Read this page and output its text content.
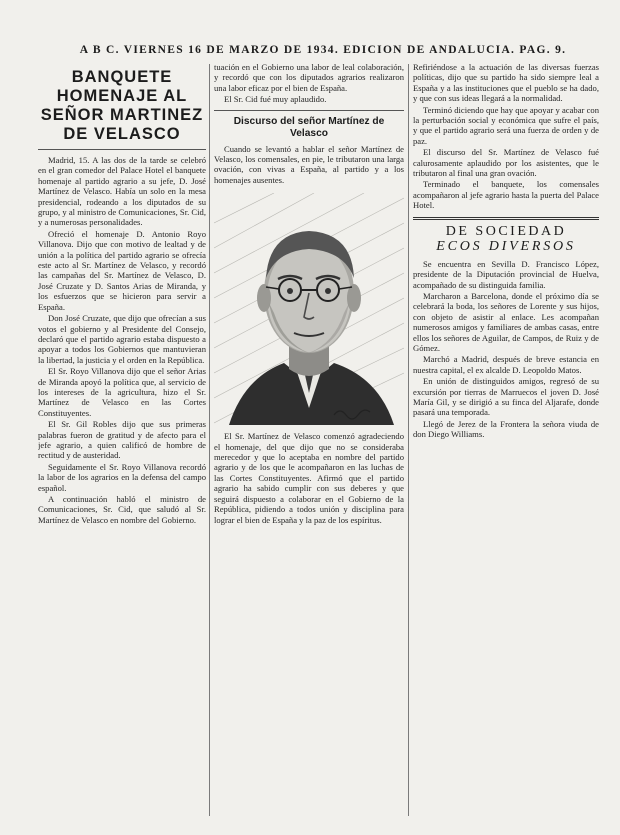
A B C. VIERNES 16 DE MARZO DE 1934. EDICION DE ANDALUCIA. PAG. 9.
BANQUETE HOMENAJE AL SEÑOR MARTINEZ DE VELASCO
Madrid, 15. A las dos de la tarde se celebró en el gran comedor del Palace Hotel el banquete homenaje al partido agrario a su jefe, D. José Martínez de Velasco. Había un solo en la mesa presidencial, rodeando a los diputados de su grupo, y al ministro de Comunicaciones, Sr. Cid, y a numerosas personalidades.
Ofreció el homenaje D. Antonio Royo Villanova. Dijo que con motivo de lealtad y de unión a la política del partido agrario se ofrecía este acto al Sr. Martínez de Velasco, y recordó las campañas del Sr. Martínez de Velasco, D. José Cruzate y D. Santos Arias de Miranda, y los esfuerzos que se hicieron para servir a España.
Don José Cruzate, que dijo que ofrecían a sus votos el gobierno y al Presidente del Consejo, declaró que el partido agrario estaba dispuesto a apoyar a todos los Gobiernos que mantuvieran la libertad, la justicia y el orden en la República.
El Sr. Royo Villanova dijo que el señor Arias de Miranda apoyó la política que, al servicio de los intereses de la agricultura, hizo el Sr. Martínez de Velasco en las Cortes Constituyentes.
El Sr. Gil Robles dijo que sus primeras palabras fueron de gratitud y de afecto para el jefe agrario, a quien calificó de hombre de rectitud y de austeridad.
Seguidamente el Sr. Royo Villanova recordó la labor de los agrarios en la defensa del campo español.
A continuación habló el ministro de Comunicaciones, Sr. Cid, que saludó al Sr. Martínez de Velasco en nombre del Gobierno.
tuación en el Gobierno una labor de leal colaboración, y recordó que con los diputados agrarios realizaron una labor eficaz por el bien de España.
El Sr. Cid fué muy aplaudido.
Discurso del señor Martínez de Velasco
Cuando se levantó a hablar el señor Martínez de Velasco, los comensales, en pie, le tributaron una larga ovación, con vivas a España, al partido y a los homenajes ausentes.
El Sr. Martínez de Velasco comenzó agradeciendo el homenaje, del que dijo que no se consideraba merecedor y que lo aceptaba en nombre del partido agrario y de los que le acompañaron en las luchas de las Cortes Constituyentes. Afirmó que el partido agrario ha sabido cumplir con sus deberes y que seguirá dispuesto a colaborar en el Gobierno de la República, pidiendo a todos unión y disciplina para lograr el bien de España y la paz de los espíritus.
Refiriéndose a la actuación de las diversas fuerzas políticas, dijo que su partido ha sido siempre leal a España y a las instituciones que el pueblo se ha dado, y que con sus ideas llegará a la normalidad.
Terminó diciendo que hay que apoyar y acabar con la perturbación social y económica que sufre el país, y que el partido agrario será una fuerza de orden y de paz.
El discurso del Sr. Martínez de Velasco fué calurosamente aplaudido por los asistentes, que le tributaron al final una gran ovación.
Terminado el banquete, los comensales acompañaron al jefe agrario hasta la puerta del Palace Hotel.
DE SOCIEDAD
ECOS DIVERSOS
Se encuentra en Sevilla D. Francisco López, presidente de la Diputación provincial de Huelva, acompañado de su distinguida familia.
Marcharon a Barcelona, donde el próximo día se celebrará la boda, los señores de Lorente y sus hijos, con objeto de asistir al enlace. Les acompañan numerosos amigos y familiares de ambas casas, entre ellos los señores de Aguilar, de Campos, de Ruiz y de Gómez.
Marchó a Madrid, después de breve estancia en nuestra capital, el ex alcalde D. Leopoldo Matos.
En unión de distinguidos amigos, regresó de su excursión por tierras de Marruecos el joven D. José María Gil, y se dirigió a su finca del Aljarafe, donde pasará una temporada.
Llegó de Jerez de la Frontera la señora viuda de don Diego Williams.
